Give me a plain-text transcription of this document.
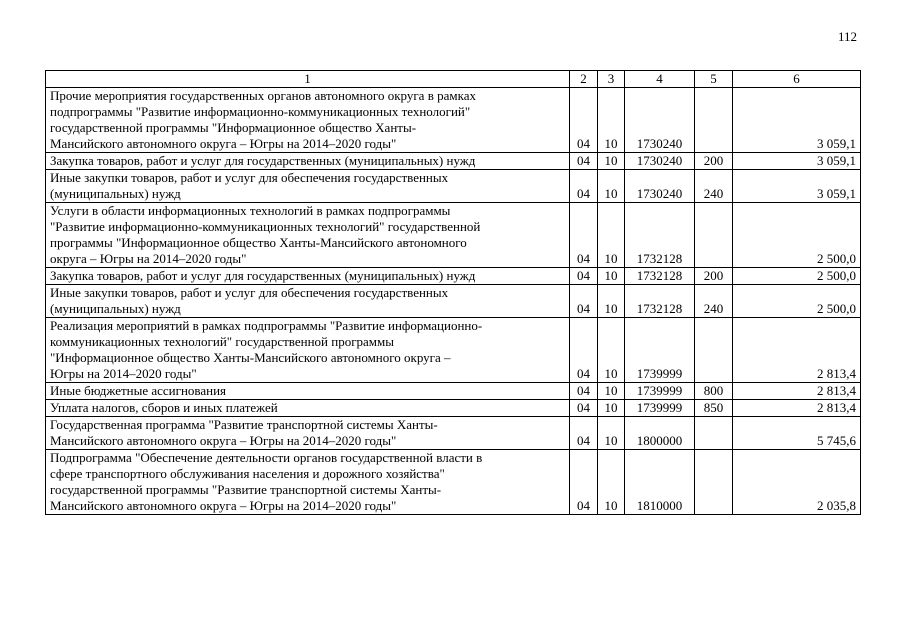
112
1	2	3	4	5	6
Прочие мероприятия государственных органов автономного округа в рамках
подпрограммы "Развитие информационно-коммуникационных технологий"
государственной программы "Информационное общество Ханты-
Мансийского автономного округа – Югры на 2014–2020 годы"	04	10	1730240		3 059,1
Закупка товаров, работ и услуг для государственных (муниципальных) нужд	04	10	1730240	200	3 059,1
Иные закупки товаров, работ и услуг для обеспечения государственных
(муниципальных) нужд	04	10	1730240	240	3 059,1
Услуги в области информационных технологий в рамках подпрограммы
"Развитие информационно-коммуникационных технологий" государственной
программы "Информационное общество Ханты-Мансийского автономного
округа – Югры на 2014–2020 годы"	04	10	1732128		2 500,0
Закупка товаров, работ и услуг для государственных (муниципальных) нужд	04	10	1732128	200	2 500,0
Иные закупки товаров, работ и услуг для обеспечения государственных
(муниципальных) нужд	04	10	1732128	240	2 500,0
Реализация мероприятий в рамках подпрограммы "Развитие информационно-
коммуникационных технологий" государственной программы
"Информационное общество Ханты-Мансийского автономного округа –
Югры на 2014–2020 годы"	04	10	1739999		2 813,4
Иные бюджетные ассигнования	04	10	1739999	800	2 813,4
Уплата налогов, сборов и иных платежей	04	10	1739999	850	2 813,4
Государственная программа "Развитие транспортной системы Ханты-
Мансийского автономного округа – Югры на 2014–2020 годы"	04	10	1800000		5 745,6
Подпрограмма "Обеспечение деятельности органов государственной власти в
сфере транспортного обслуживания населения и дорожного хозяйства"
государственной программы "Развитие транспортной системы Ханты-
Мансийского автономного округа – Югры на 2014–2020 годы"	04	10	1810000		2 035,8
